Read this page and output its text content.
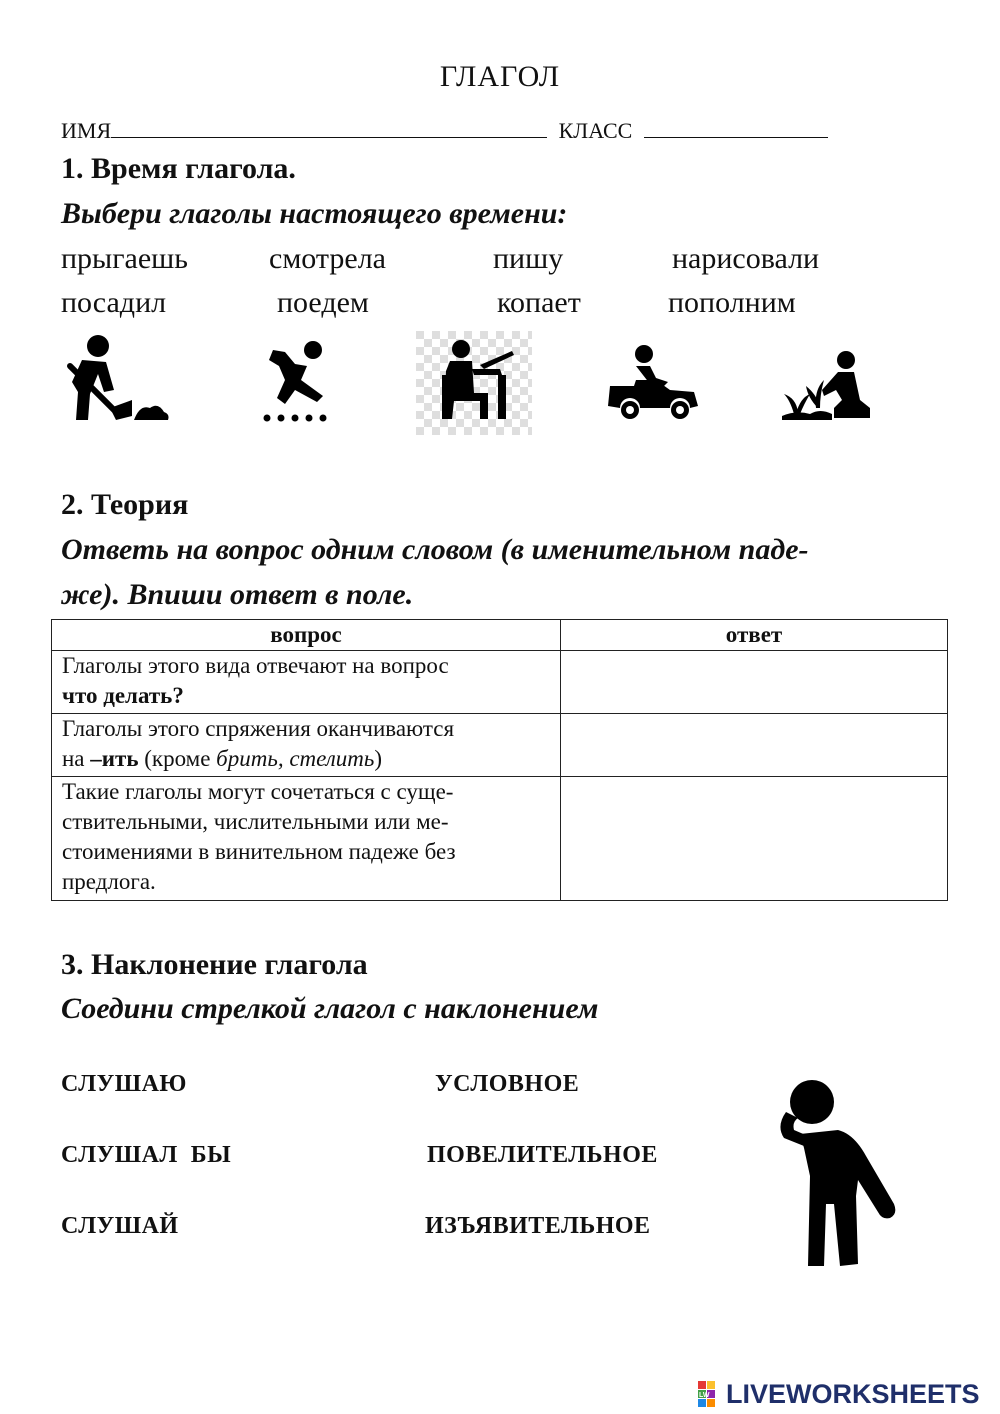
ГЛАГОЛ
ИМЯ	КЛАСС
1. Время глагола.
Выбери глаголы настоящего времени:
прыгаешь	смотрела	пишу	нарисовали
посадил	поедем	копает	пополним
2. Теория
Ответь на вопрос одним словом (в именительном паде-
же). Впиши ответ в поле.
вопрос	ответ
Глаголы этого вида отвечают на вопрос
что делать?	
Глаголы этого спряжения оканчиваются
на –ить (кроме брить, стелить)	
Такие глаголы могут сочетаться с суще-
ствительными, числительными или ме-
стоимениями в винительном падеже без
предлога.	
3. Наклонение глагола
Соедини стрелкой глагол с наклонением
СЛУШАЮ
СЛУШАЛ  БЫ
СЛУШАЙ
УСЛОВНОЕ
ПОВЕЛИТЕЛЬНОЕ
ИЗЪЯВИТЕЛЬНОЕ
LW LIVEWORKSHEETS
